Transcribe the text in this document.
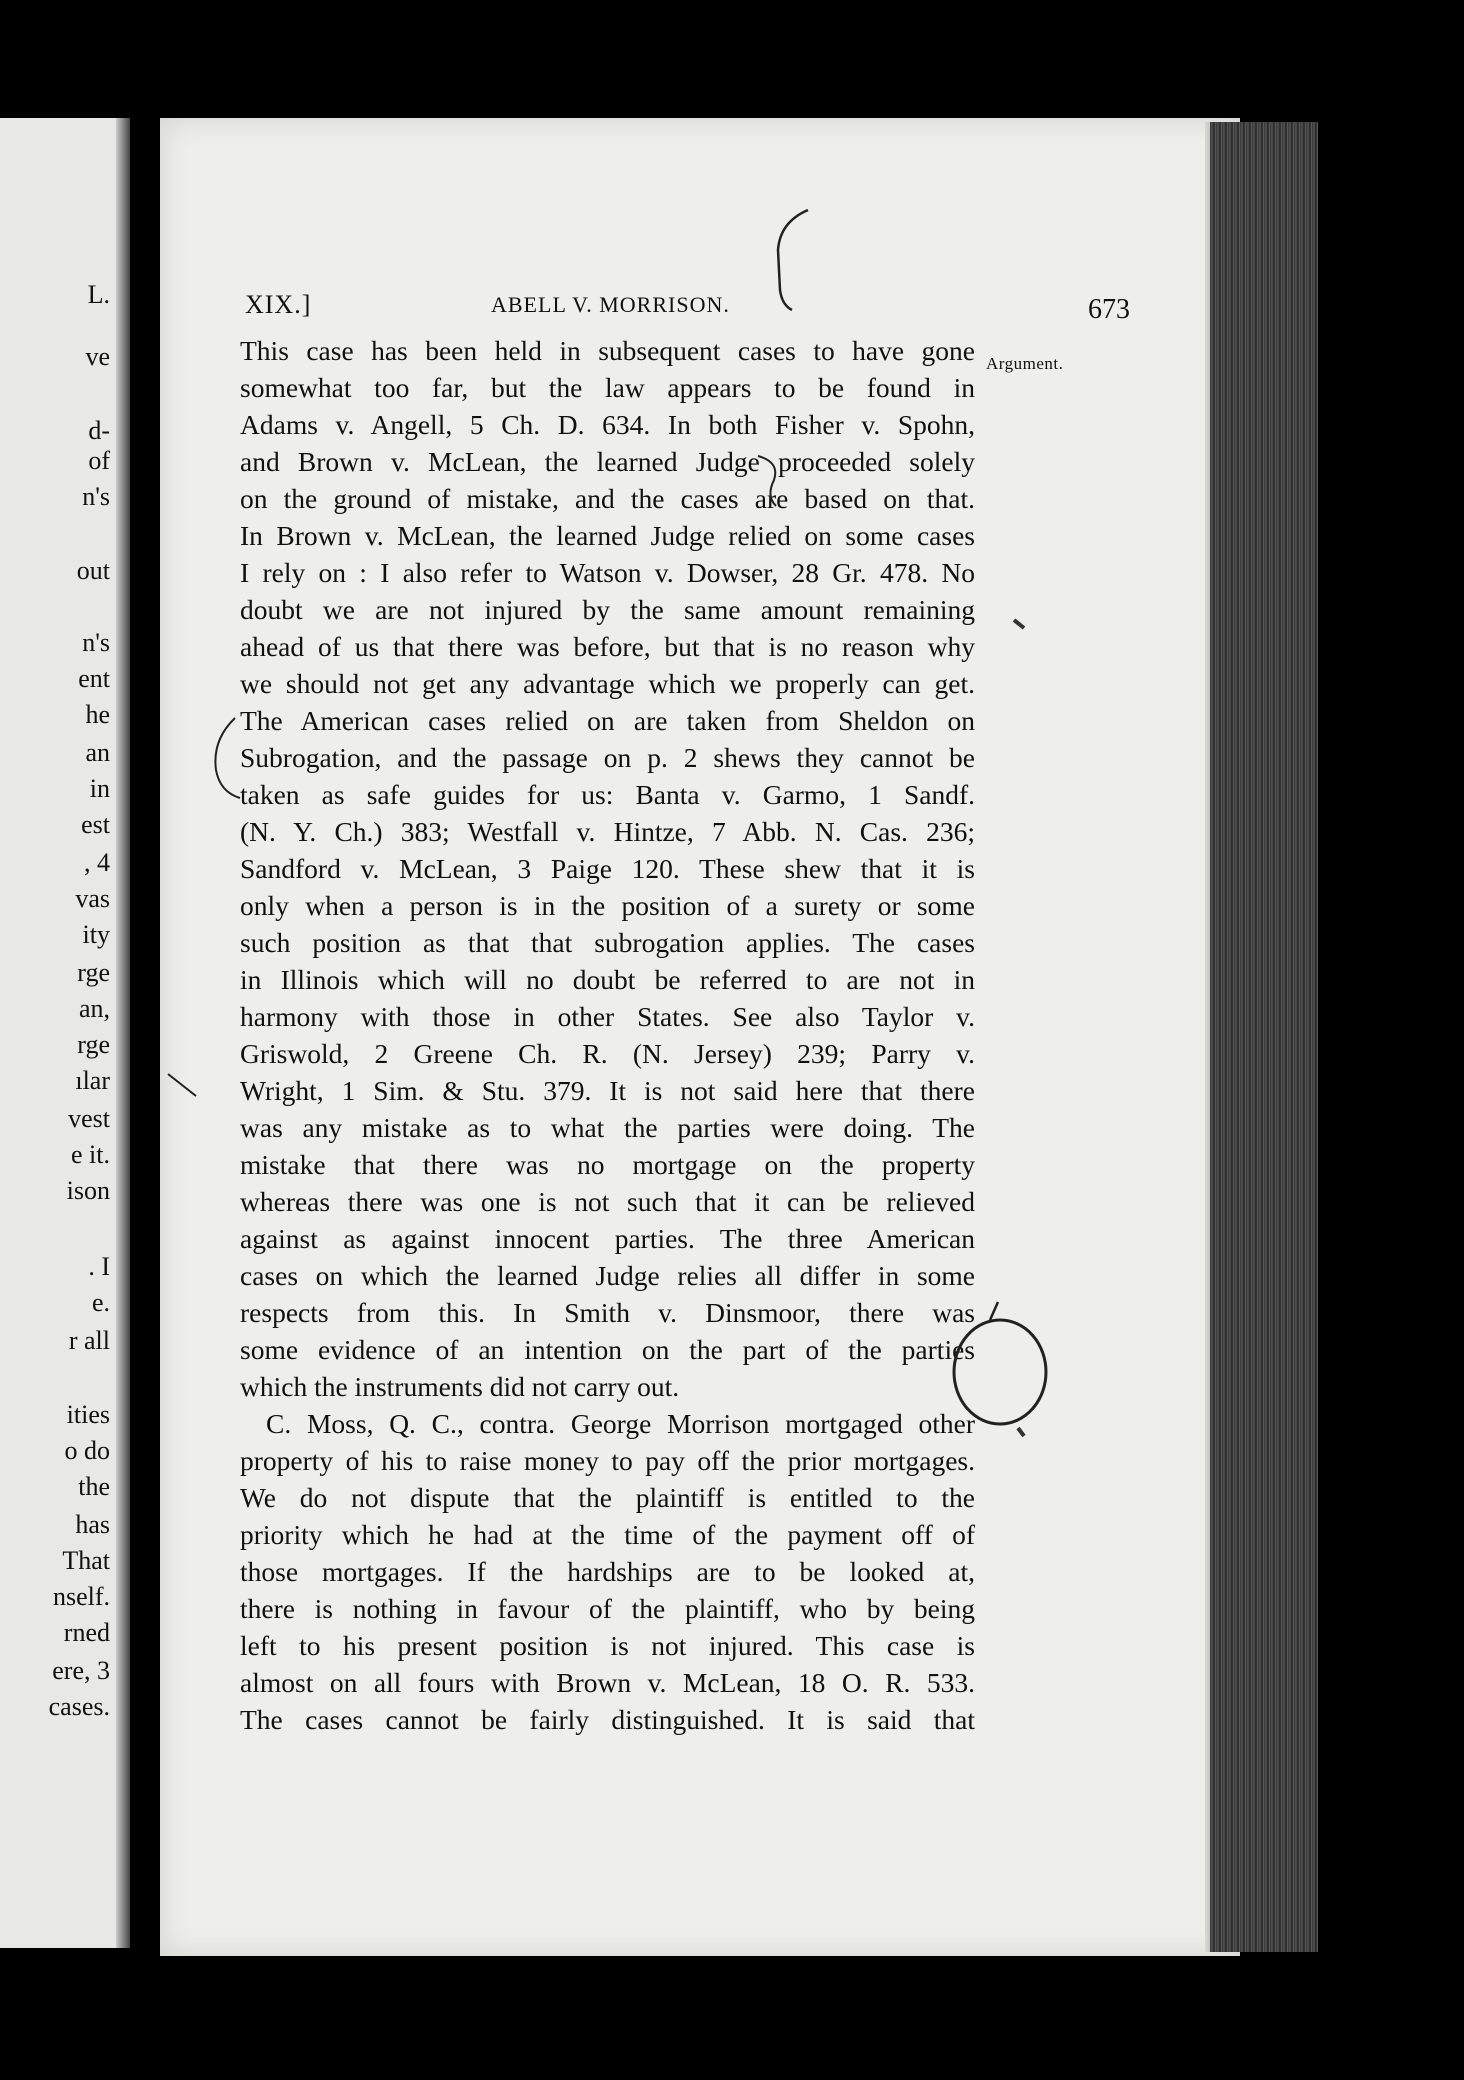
L.
ve
d-
of
n's
out
n's
ent
he
an
in
est
, 4
vas
ity
rge
an,
rge
ılar
vest
e it.
ison
. I
e.
r all
ities
o do
the
has
That
nself.
rned
ere, 3
cases.
XIX.]	ABELL V. MORRISON.	673
Argument.
This case has been held in subsequent cases to have gone
somewhat too far, but the law appears to be found in
Adams v. Angell, 5 Ch. D. 634. In both Fisher v. Spohn,
and Brown v. McLean, the learned Judge proceeded solely
on the ground of mistake, and the cases are based on that.
In Brown v. McLean, the learned Judge relied on some cases
I rely on : I also refer to Watson v. Dowser, 28 Gr. 478. No
doubt we are not injured by the same amount remaining
ahead of us that there was before, but that is no reason why
we should not get any advantage which we properly can get.
The American cases relied on are taken from Sheldon on
Subrogation, and the passage on p. 2 shews they cannot be
taken as safe guides for us: Banta v. Garmo, 1 Sandf.
(N. Y. Ch.) 383; Westfall v. Hintze, 7 Abb. N. Cas. 236;
Sandford v. McLean, 3 Paige 120. These shew that it is
only when a person is in the position of a surety or some
such position as that that subrogation applies. The cases
in Illinois which will no doubt be referred to are not in
harmony with those in other States. See also Taylor v.
Griswold, 2 Greene Ch. R. (N. Jersey) 239; Parry v.
Wright, 1 Sim. & Stu. 379. It is not said here that there
was any mistake as to what the parties were doing. The
mistake that there was no mortgage on the property
whereas there was one is not such that it can be relieved
against as against innocent parties. The three American
cases on which the learned Judge relies all differ in some
respects from this. In Smith v. Dinsmoor, there was
some evidence of an intention on the part of the parties
which the instruments did not carry out.
C. Moss, Q. C., contra. George Morrison mortgaged other
property of his to raise money to pay off the prior mortgages.
We do not dispute that the plaintiff is entitled to the
priority which he had at the time of the payment off of
those mortgages. If the hardships are to be looked at,
there is nothing in favour of the plaintiff, who by being
left to his present position is not injured. This case is
almost on all fours with Brown v. McLean, 18 O. R. 533.
The cases cannot be fairly distinguished. It is said that
